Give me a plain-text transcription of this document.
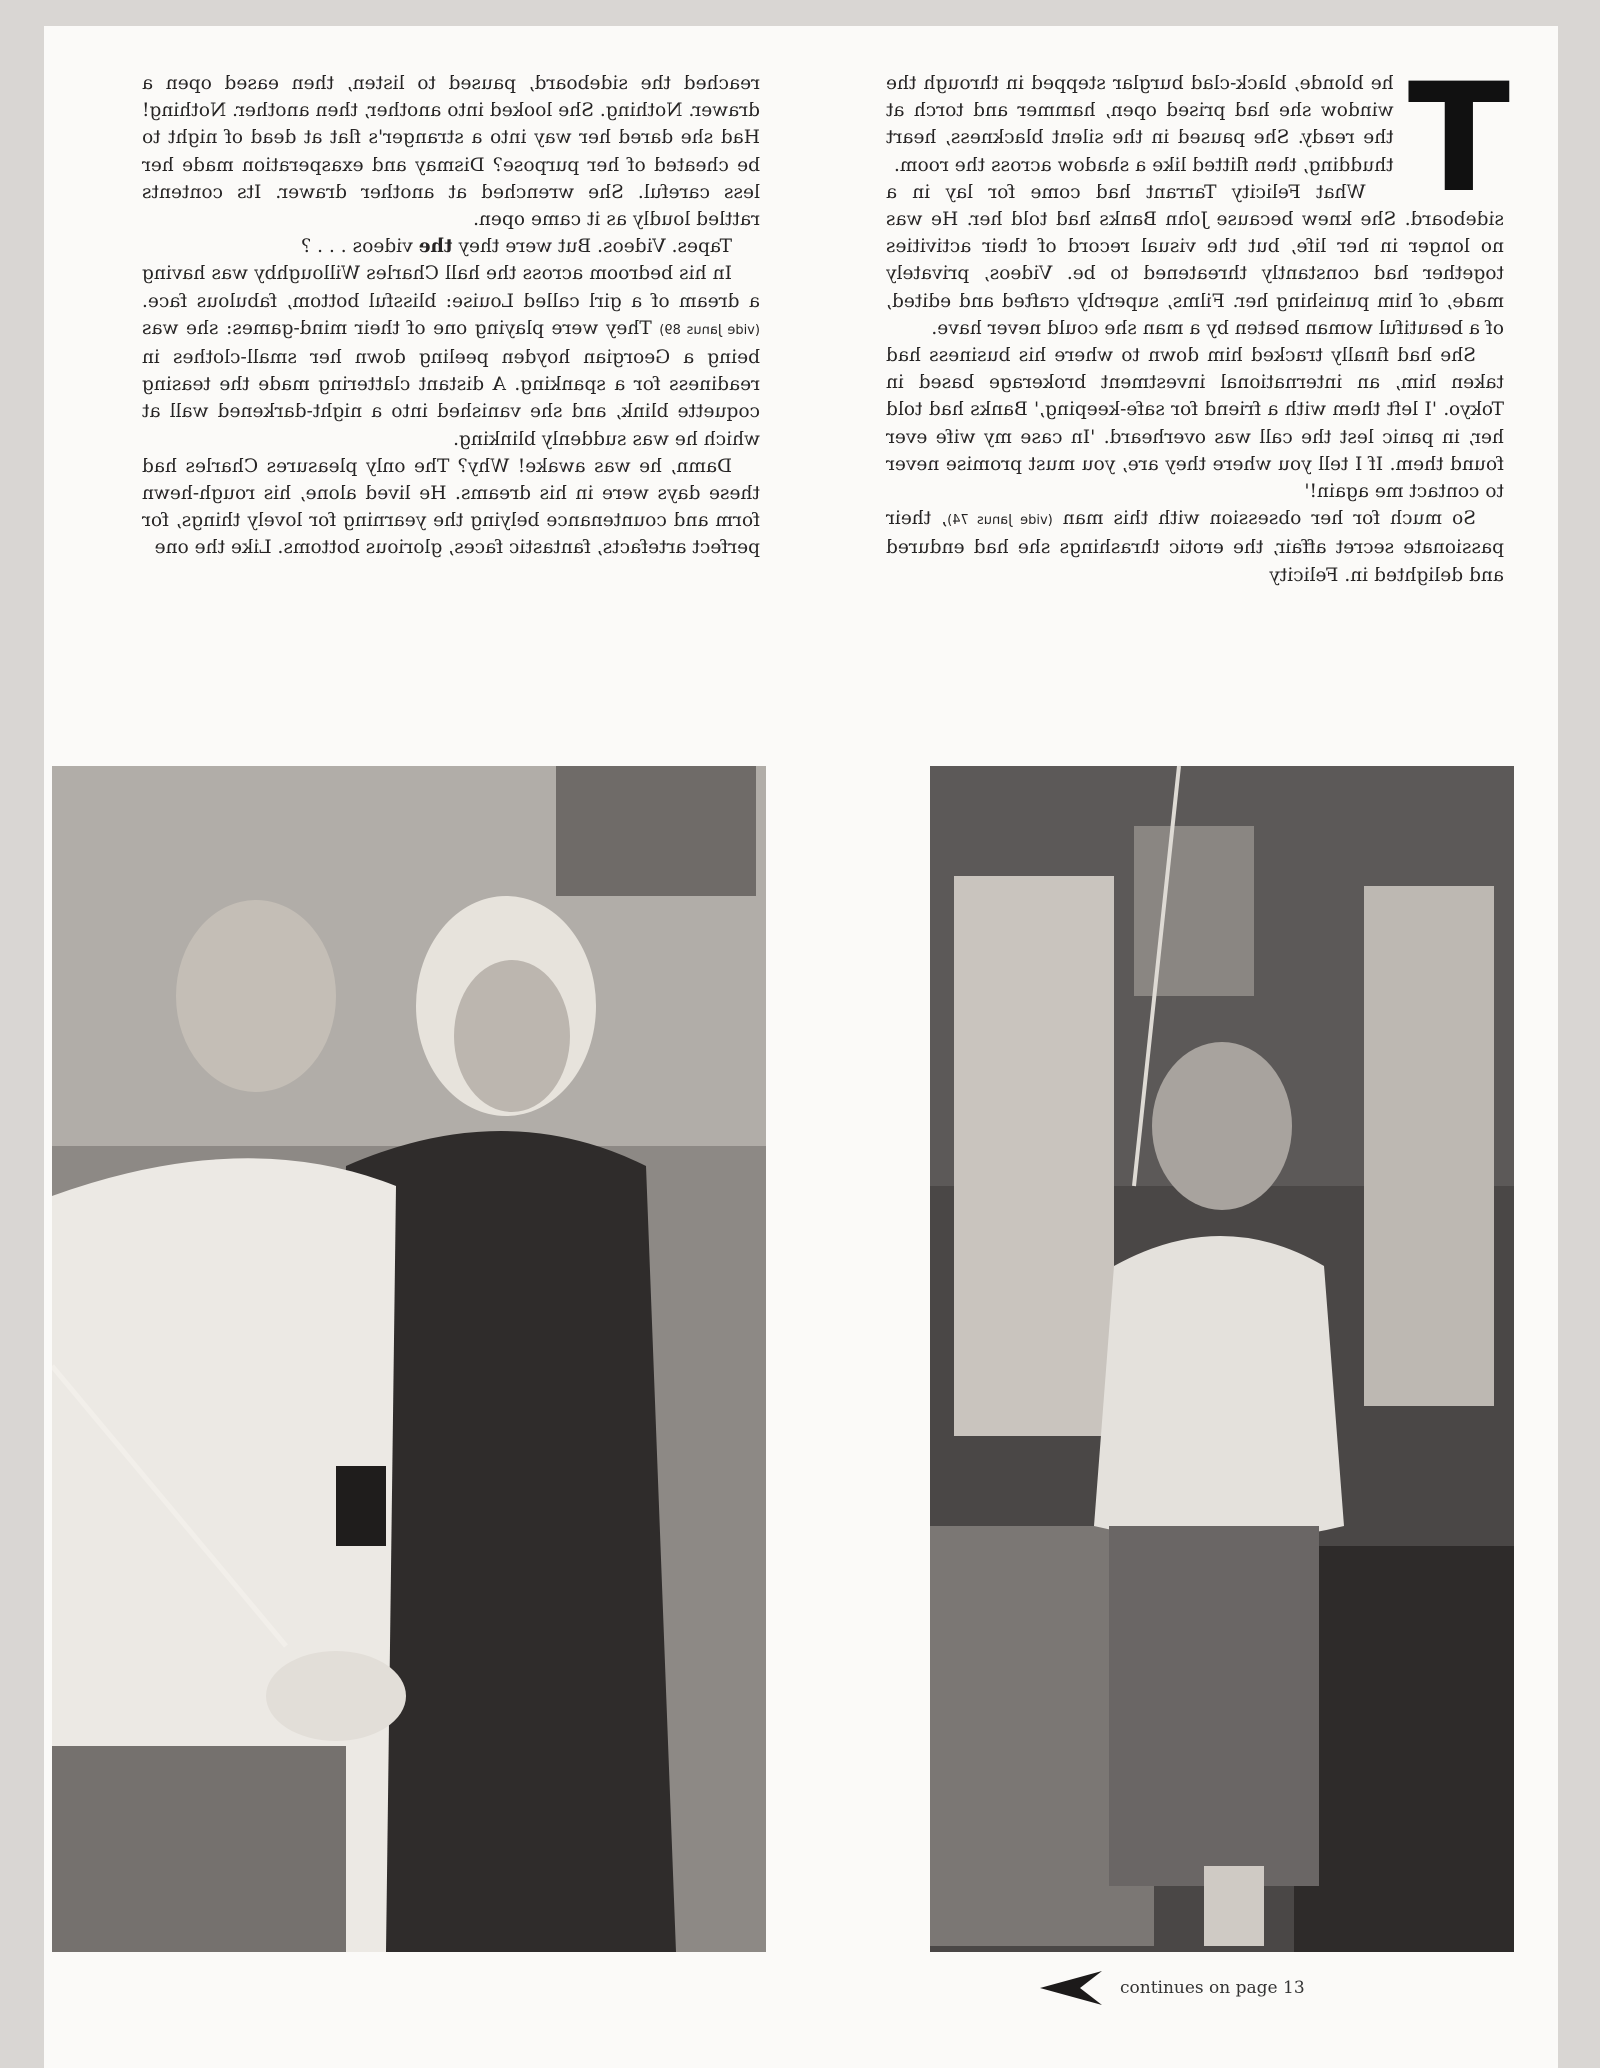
T
he blonde, black-clad burglar stepped in through the window she had prised open, hammer and torch at the ready. She paused in the silent blackness, heart thudding, then flitted like a shadow across the room.

What Felicity Tarrant had come for lay in a sideboard. She knew because John Banks had told her. He was no longer in her life, but the visual record of their activities together had constantly threatened to be. Videos, privately made, of him punishing her. Films, superbly crafted and edited, of a beautiful woman beaten by a man she could never have.

She had finally tracked him down to where his business had taken him, an international investment brokerage based in Tokyo. 'I left them with a friend for safe-keeping,' Banks had told her, in panic lest the call was overheard. 'In case my wife ever found them. If I tell you where they are, you must promise never to contact me again!'

So much for her obsession with this man (vide Janus 74), their passionate secret affair, the erotic thrashings she had endured and delighted in. Felicity

reached the sideboard, paused to listen, then eased open a drawer. Nothing. She looked into another, then another. Nothing! Had she dared her way into a stranger's flat at dead of night to be cheated of her purpose? Dismay and exasperation made her less careful. She wrenched at another drawer. Its contents rattled loudly as it came open.

Tapes. Videos. But were they the videos . . . ?

In his bedroom across the hall Charles Willoughby was having a dream of a girl called Louise: blissful bottom, fabulous face. (vide Janus 89) They were playing one of their mind-games: she was being a Georgian hoyden peeling down her small-clothes in readiness for a spanking. A distant clattering made the teasing coquette blink, and she vanished into a night-darkened wall at which he was suddenly blinking.

Damn, he was awake! Why? The only pleasures Charles had these days were in his dreams. He lived alone, his rough-hewn form and countenance belying the yearning for lovely things, for perfect artefacts, fantastic faces, glorious bottoms. Like the one

continues on page 13
